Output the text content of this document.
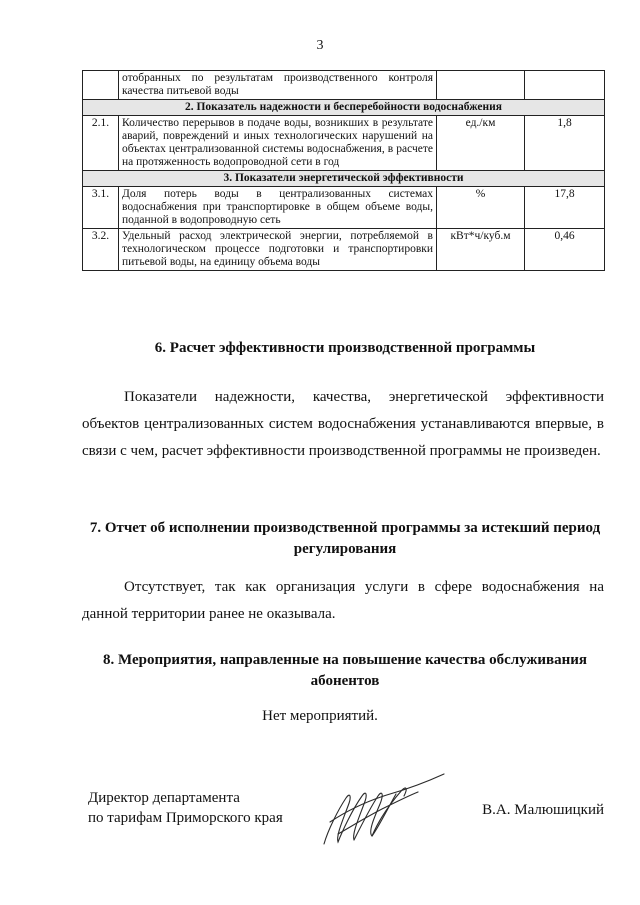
3
	отобранных по результатам производственного контроля качества питьевой воды		
2. Показатель надежности и бесперебойности водоснабжения			
2.1.	Количество перерывов в подаче воды, возникших в результате аварий, повреждений и иных технологических нарушений на объектах централизованной системы водоснабжения, в расчете на протяженность водопроводной сети в год	ед./км	1,8
3. Показатели энергетической эффективности			
3.1.	Доля потерь воды в централизованных системах водоснабжения при транспортировке в общем объеме воды, поданной в водопроводную сеть	%	17,8
3.2.	Удельный расход электрической энергии, потребляемой в технологическом процессе подготовки и транспортировки питьевой воды, на единицу объема воды	кВт*ч/куб.м	0,46
6. Расчет эффективности производственной программы
Показатели надежности, качества, энергетической эффективности объектов централизованных систем водоснабжения устанавливаются впервые, в связи с чем, расчет эффективности производственной программы не произведен.
7. Отчет об исполнении производственной программы за истекший период регулирования
Отсутствует, так как организация услуги в сфере водоснабжения на данной территории ранее не оказывала.
8. Мероприятия, направленные на повышение качества обслуживания абонентов
Нет мероприятий.
Директор департамента
по тарифам Приморского края	В.А. Малюшицкий
